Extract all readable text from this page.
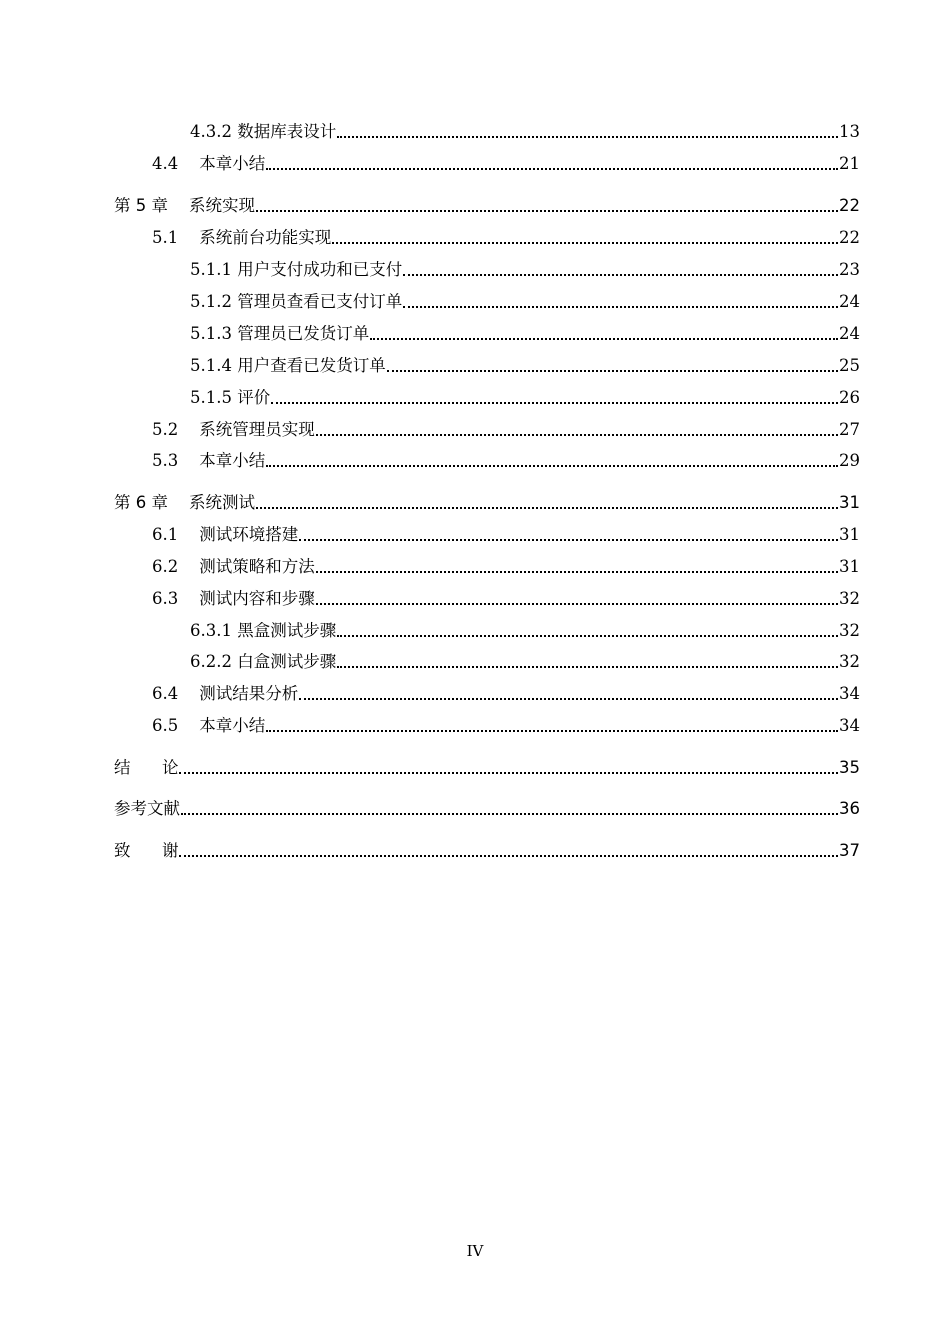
4.3.2 数据库表设计	13
4.4    本章小结	21
第 5 章    系统实现	22
5.1    系统前台功能实现	22
5.1.1 用户支付成功和已支付	23
5.1.2 管理员查看已支付订单	24
5.1.3 管理员已发货订单	24
5.1.4 用户查看已发货订单	25
5.1.5 评价	26
5.2    系统管理员实现	27
5.3    本章小结	29
第 6 章    系统测试	31
6.1    测试环境搭建	31
6.2    测试策略和方法	31
6.3    测试内容和步骤	32
6.3.1 黑盒测试步骤	32
6.2.2 白盒测试步骤	32
6.4    测试结果分析	34
6.5    本章小结	34
结      论	35
参考文献	36
致      谢	37
IV
